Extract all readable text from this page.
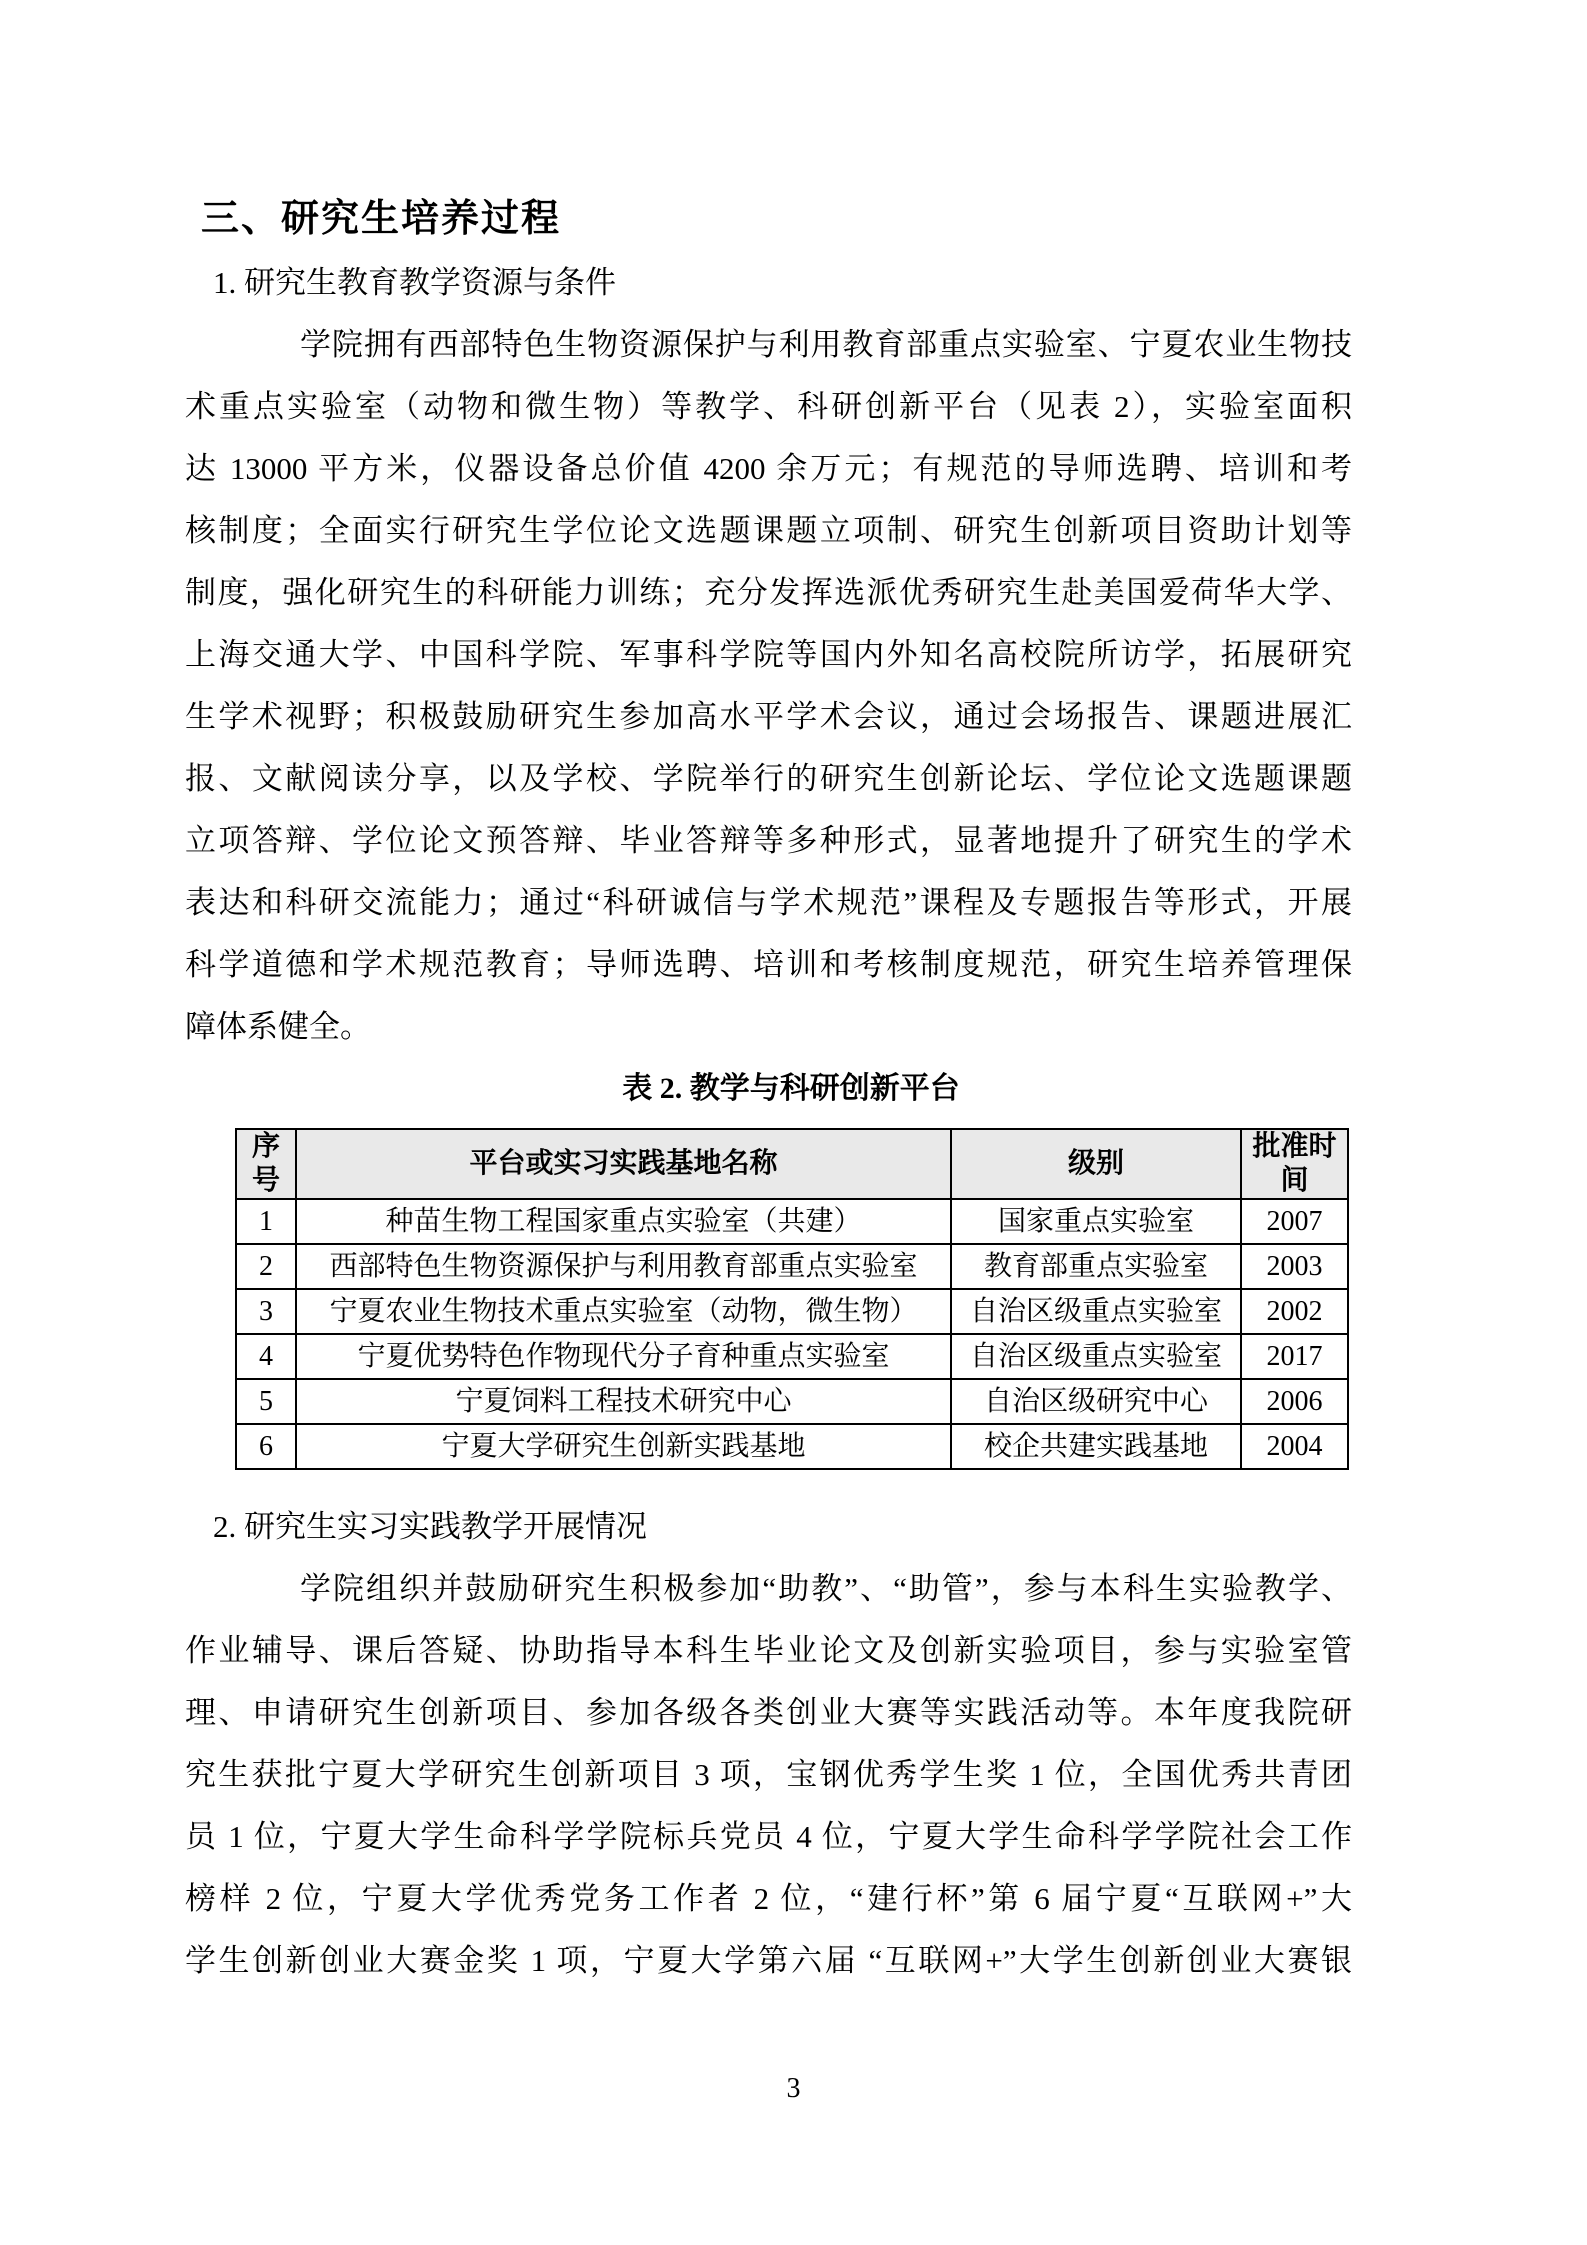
三、研究生培养过程
1. 研究生教育教学资源与条件
学院拥有西部特色生物资源保护与利用教育部重点实验室、宁夏农业生物技
术重点实验室（动物和微生物）等教学、科研创新平台（见表 2），实验室面积
达 13000 平方米，仪器设备总价值 4200 余万元；有规范的导师选聘、培训和考
核制度；全面实行研究生学位论文选题课题立项制、研究生创新项目资助计划等
制度，强化研究生的科研能力训练；充分发挥选派优秀研究生赴美国爱荷华大学、
上海交通大学、中国科学院、军事科学院等国内外知名高校院所访学，拓展研究
生学术视野；积极鼓励研究生参加高水平学术会议，通过会场报告、课题进展汇
报、文献阅读分享，以及学校、学院举行的研究生创新论坛、学位论文选题课题
立项答辩、学位论文预答辩、毕业答辩等多种形式，显著地提升了研究生的学术
表达和科研交流能力；通过“科研诚信与学术规范”课程及专题报告等形式，开展
科学道德和学术规范教育；导师选聘、培训和考核制度规范，研究生培养管理保
障体系健全。
表 2. 教学与科研创新平台
序号	平台或实习实践基地名称	级别	批准时间
1	种苗生物工程国家重点实验室（共建）	国家重点实验室	2007
2	西部特色生物资源保护与利用教育部重点实验室	教育部重点实验室	2003
3	宁夏农业生物技术重点实验室（动物，微生物）	自治区级重点实验室	2002
4	宁夏优势特色作物现代分子育种重点实验室	自治区级重点实验室	2017
5	宁夏饲料工程技术研究中心	自治区级研究中心	2006
6	宁夏大学研究生创新实践基地	校企共建实践基地	2004
2. 研究生实习实践教学开展情况
学院组织并鼓励研究生积极参加“助教”、“助管”，参与本科生实验教学、
作业辅导、课后答疑、协助指导本科生毕业论文及创新实验项目，参与实验室管
理、申请研究生创新项目、参加各级各类创业大赛等实践活动等。本年度我院研
究生获批宁夏大学研究生创新项目 3 项，宝钢优秀学生奖 1 位，全国优秀共青团
员 1 位，宁夏大学生命科学学院标兵党员 4 位，宁夏大学生命科学学院社会工作
榜样 2 位，宁夏大学优秀党务工作者 2 位，“建行杯”第 6 届宁夏“互联网+”大
学生创新创业大赛金奖 1 项，宁夏大学第六届 “互联网+”大学生创新创业大赛银
3
